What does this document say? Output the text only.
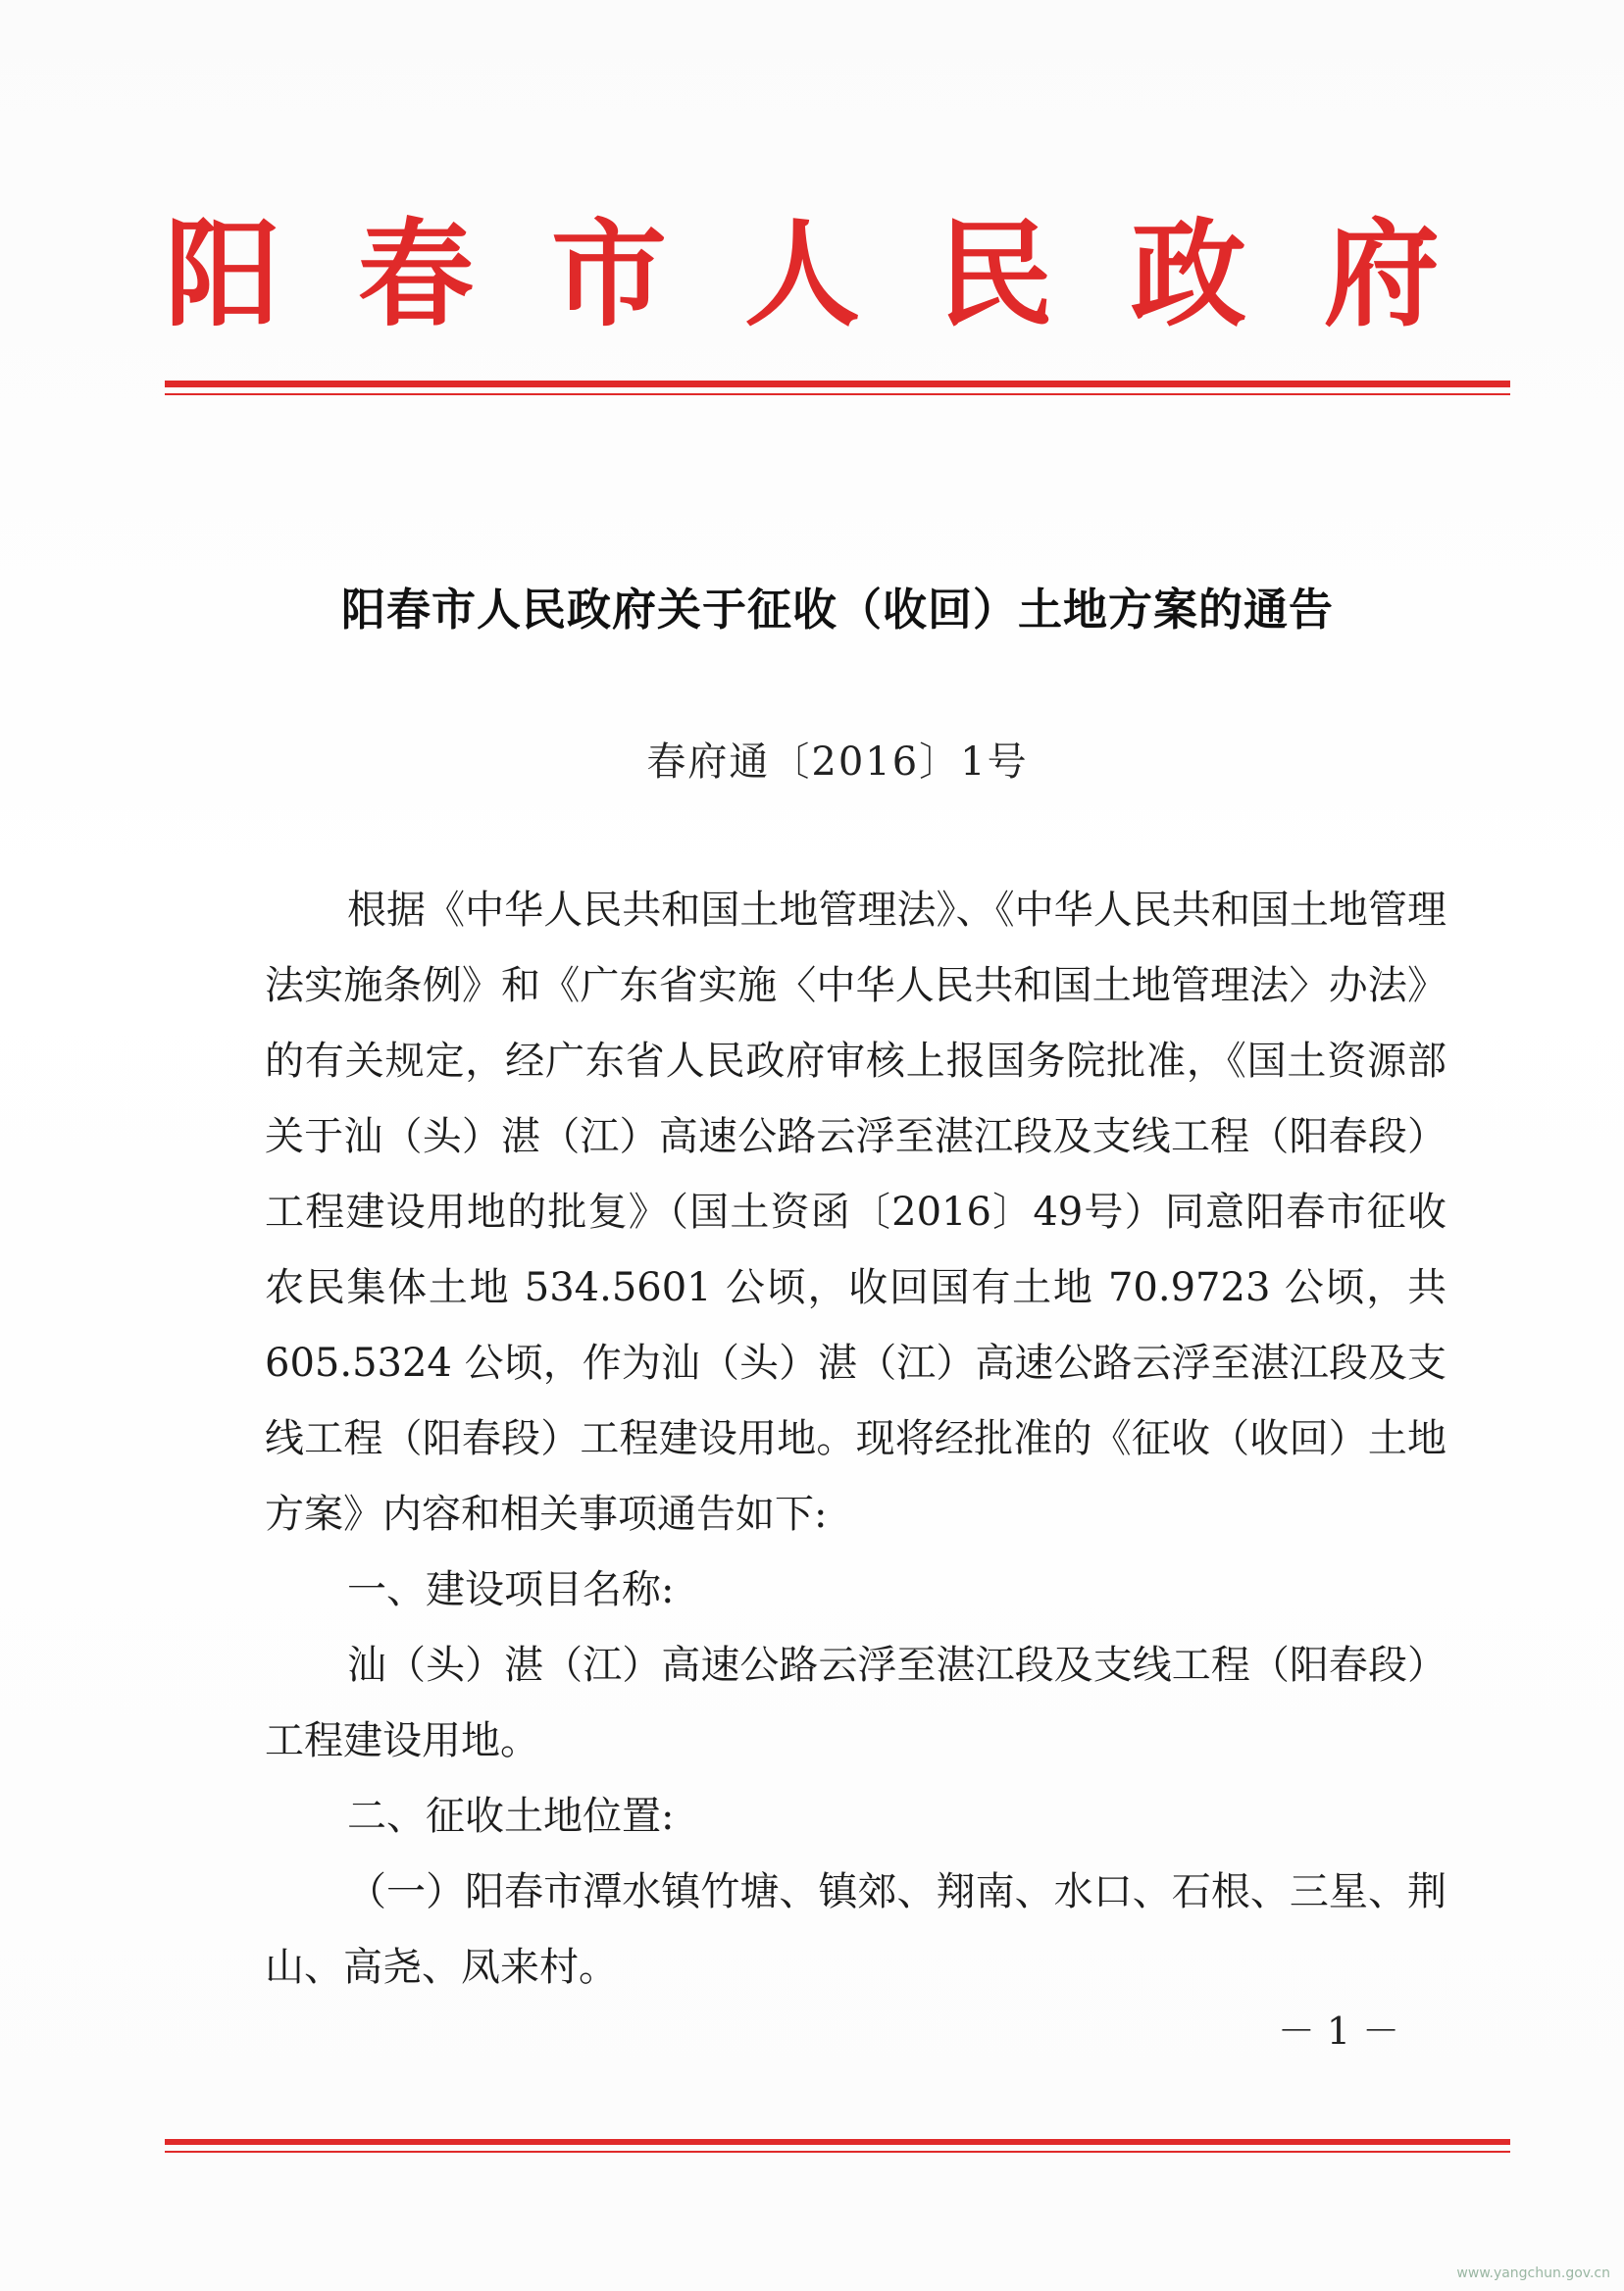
阳 春 市 人 民 政 府
阳春市人民政府关于征收（收回）土地方案的通告
春府通〔2016〕1号

根据《中华人民共和国土地管理法》、《中华人民共和国土地管理法实施条例》和《广东省实施〈中华人民共和国土地管理法〉办法》的有关规定，经广东省人民政府审核上报国务院批准，《国土资源部关于汕（头）湛（江）高速公路云浮至湛江段及支线工程（阳春段）工程建设用地的批复》（国土资函〔2016〕49号）同意阳春市征收农民集体土地 534.5601 公顷，收回国有土地 70.9723 公顷，共 605.5324 公顷，作为汕（头）湛（江）高速公路云浮至湛江段及支线工程（阳春段）工程建设用地。现将经批准的《征收（收回）土地方案》内容和相关事项通告如下:

一、建设项目名称:

汕（头）湛（江）高速公路云浮至湛江段及支线工程（阳春段）工程建设用地。

二、征收土地位置:

（一）阳春市潭水镇竹塘、镇郊、翔南、水口、石根、三星、荆山、高尧、凤来村。

－ 1 －
www.yangchun.gov.cn
